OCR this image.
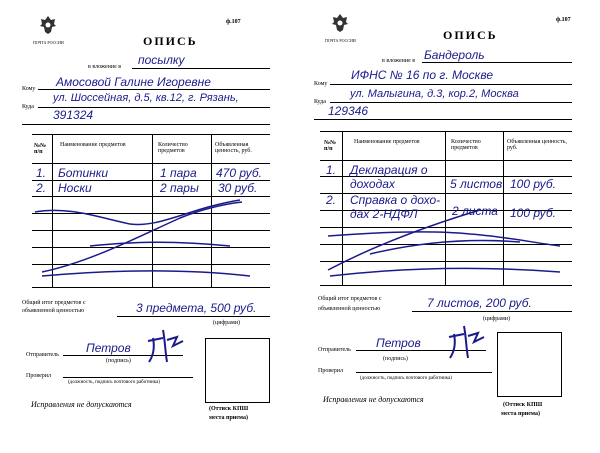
ПОЧТА РОССИИ
ф.107
ОПИСЬ
в вложение в посылку
Кому Амосовой Галине Игоревне
Куда
ул. Шоссейная, д.5, кв.12, г. Рязань,
391324
№№ п/п
Наименование предметов	Количество предметов
Объявленная ценность, руб.
1. Ботинки	1 пара 470 руб.
2. Носки	2 пары 30 руб.
Общий итог предметов с
объявленной ценностью	3 предмета, 500 руб.
(цифрами)
Отправитель Петров
(подпись)
Проверил
(должность, подпись почтового работника)
Исправления не допускаются	(Оттиск КПШ
места приема)
ПОЧТА РОССИИ
ф.107
ОПИСЬ
в вложение в Бандероль
Кому
ИФНС № 16 по г. Москве
Куда
ул. Малыгина, д.3, кор.2, Москва
129346
№№ п/п
Наименование предметов	Количество предметов
Объявленная ценность, руб.
1. Декларация о
доходах	5 листов 100 руб.
2. Справка о дохо-
дах 2-НДФЛ	2 листа 100 руб.
Общий итог предметов с
объявленной ценностью	7 листов, 200 руб.
(цифрами)
Отправитель Петров
(подпись)
Проверил
(должность, подпись почтового работника)
Исправления не допускаются
(Оттиск КПШ
места приема)
